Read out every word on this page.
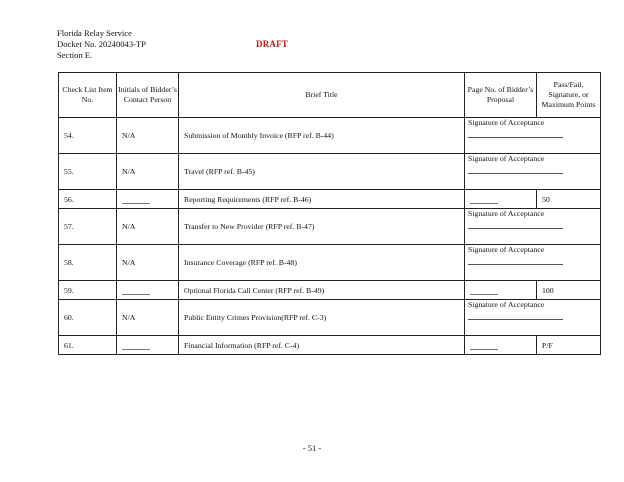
Florida Relay Service
Docket No. 20240043-TP
Section E.
DRAFT
Check List Item No.	Initials of Bidder’s Contact Person	Brief Title	Page No. of Bidder’s Proposal	Pass/Fail, Signature, or Maximum Points
54.	N/A	Submission of Monthly Invoice (RFP ref. B-44)	Signature of Acceptance	

55.	N/A	Travel (RFP ref. B-45)	Signature of Acceptance	

56.		Reporting Requirements (RFP ref. B-46)		50
57.	N/A	Transfer to New Provider (RFP ref. B-47)	Signature of Acceptance	

58.	N/A	Insurance Coverage (RFP ref. B-48)	Signature of Acceptance	

59.		Optional Florida Call Center (RFP ref. B-49)		100
60.	N/A	Public Entity Crimes Provision(RFP ref. C-3)	Signature of Acceptance	

61.		Financial Information (RFP ref. C-4)		P/F
- 51 -
